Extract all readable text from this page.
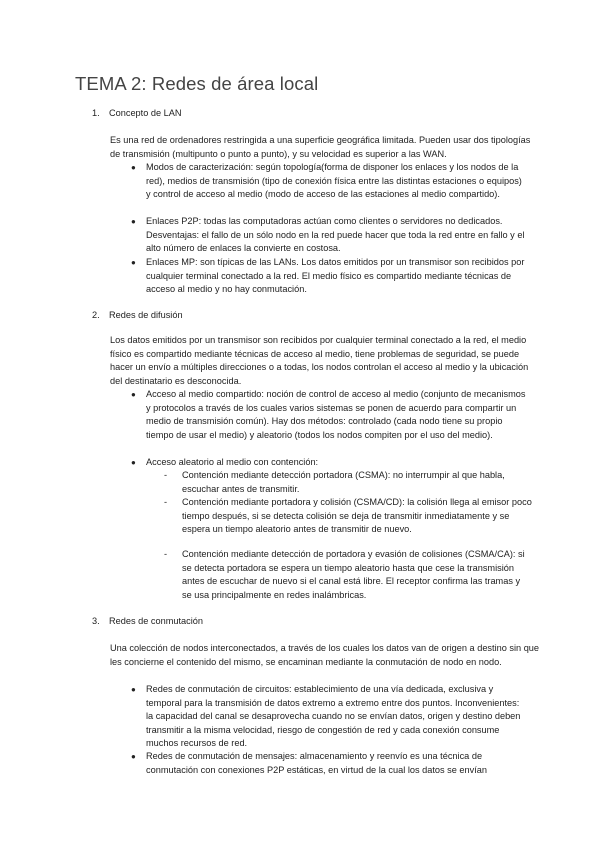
TEMA 2: Redes de área local
1. Concepto de LAN
Es una red de ordenadores restringida a una superficie geográfica limitada. Pueden usar dos tipologías de transmisión (multipunto o punto a punto), y su velocidad es superior a las WAN.
● Modos de caracterización: según topología(forma de disponer los enlaces y los nodos de la red), medios de transmisión (tipo de conexión física entre las distintas estaciones o equipos) y control de acceso al medio (modo de acceso de las estaciones al medio compartido).
● Enlaces P2P: todas las computadoras actúan como clientes o servidores no dedicados. Desventajas: el fallo de un sólo nodo en la red puede hacer que toda la red entre en fallo y el alto número de enlaces la convierte en costosa.
● Enlaces MP: son típicas de las LANs. Los datos emitidos por un transmisor son recibidos por cualquier terminal conectado a la red. El medio físico es compartido mediante técnicas de acceso al medio y no hay conmutación.
2. Redes de difusión
Los datos emitidos por un transmisor son recibidos por cualquier terminal conectado a la red, el medio físico es compartido mediante técnicas de acceso al medio, tiene problemas de seguridad, se puede hacer un envío a múltiples direcciones o a todas, los nodos controlan el acceso al medio y la ubicación del destinatario es desconocida.
● Acceso al medio compartido: noción de control de acceso al medio (conjunto de mecanismos y protocolos a través de los cuales varios sistemas se ponen de acuerdo para compartir un medio de transmisión común). Hay dos métodos: controlado (cada nodo tiene su propio tiempo de usar el medio) y aleatorio (todos los nodos compiten por el uso del medio).
● Acceso aleatorio al medio con contención:
- Contención mediante detección portadora (CSMA): no interrumpir al que habla, escuchar antes de transmitir.
- Contención mediante portadora y colisión (CSMA/CD): la colisión llega al emisor poco tiempo después, si se detecta colisión se deja de transmitir inmediatamente y se espera un tiempo aleatorio antes de transmitir de nuevo.
- Contención mediante detección de portadora y evasión de colisiones (CSMA/CA): si se detecta portadora se espera un tiempo aleatorio hasta que cese la transmisión antes de escuchar de nuevo si el canal está libre. El receptor confirma las tramas y se usa principalmente en redes inalámbricas.
3. Redes de conmutación
Una colección de nodos interconectados, a través de los cuales los datos van de origen a destino sin que les concierne el contenido del mismo, se encaminan mediante la conmutación de nodo en nodo.
● Redes de conmutación de circuitos: establecimiento de una vía dedicada, exclusiva y temporal para la transmisión de datos extremo a extremo entre dos puntos. Inconvenientes: la capacidad del canal se desaprovecha cuando no se envían datos, origen y destino deben transmitir a la misma velocidad, riesgo de congestión de red y cada conexión consume muchos recursos de red.
● Redes de conmutación de mensajes: almacenamiento y reenvío es una técnica de conmutación con conexiones P2P estáticas, en virtud de la cual los datos se envían
